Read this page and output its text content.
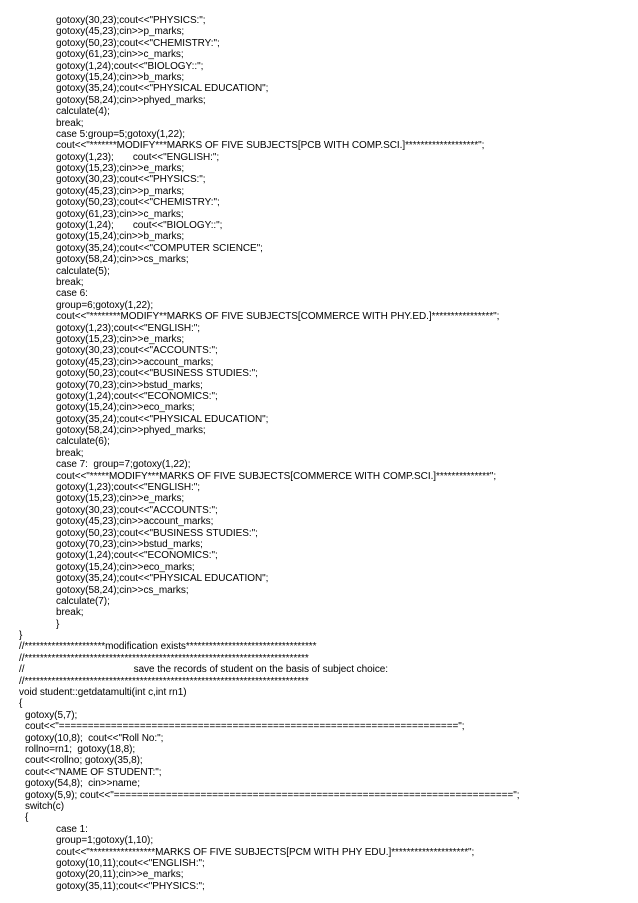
gotoxy(30,23);cout<<"PHYSICS:";
gotoxy(45,23);cin>>p_marks;
gotoxy(50,23);cout<<"CHEMISTRY:";
gotoxy(61,23);cin>>c_marks;
gotoxy(1,24);cout<<"BIOLOGY::";
gotoxy(15,24);cin>>b_marks;
gotoxy(35,24);cout<<"PHYSICAL EDUCATION";
gotoxy(58,24);cin>>phyed_marks;
calculate(4);
break;
case 5:group=5;gotoxy(1,22);
cout<<"*******MODIFY***MARKS OF FIVE SUBJECTS[PCB WITH COMP.SCI.]*******************";
gotoxy(1,23);       cout<<"ENGLISH:";
gotoxy(15,23);cin>>e_marks;
gotoxy(30,23);cout<<"PHYSICS:";
gotoxy(45,23);cin>>p_marks;
gotoxy(50,23);cout<<"CHEMISTRY:";
gotoxy(61,23);cin>>c_marks;
gotoxy(1,24);       cout<<"BIOLOGY::";
gotoxy(15,24);cin>>b_marks;
gotoxy(35,24);cout<<"COMPUTER SCIENCE";
gotoxy(58,24);cin>>cs_marks;
calculate(5);
break;
case 6:
group=6;gotoxy(1,22);
cout<<"********MODIFY**MARKS OF FIVE SUBJECTS[COMMERCE WITH PHY.ED.]****************";
gotoxy(1,23);cout<<"ENGLISH:";
gotoxy(15,23);cin>>e_marks;
gotoxy(30,23);cout<<"ACCOUNTS:";
gotoxy(45,23);cin>>account_marks;
gotoxy(50,23);cout<<"BUSINESS STUDIES:";
gotoxy(70,23);cin>>bstud_marks;
gotoxy(1,24);cout<<"ECONOMICS:";
gotoxy(15,24);cin>>eco_marks;
gotoxy(35,24);cout<<"PHYSICAL EDUCATION";
gotoxy(58,24);cin>>phyed_marks;
calculate(6);
break;
case 7:  group=7;gotoxy(1,22);
cout<<"*****MODIFY***MARKS OF FIVE SUBJECTS[COMMERCE WITH COMP.SCI.]**************";
gotoxy(1,23);cout<<"ENGLISH:";
gotoxy(15,23);cin>>e_marks;
gotoxy(30,23);cout<<"ACCOUNTS:";
gotoxy(45,23);cin>>account_marks;
gotoxy(50,23);cout<<"BUSINESS STUDIES:";
gotoxy(70,23);cin>>bstud_marks;
gotoxy(1,24);cout<<"ECONOMICS:";
gotoxy(15,24);cin>>eco_marks;
gotoxy(35,24);cout<<"PHYSICAL EDUCATION";
gotoxy(58,24);cin>>cs_marks;
calculate(7);
break;
}
}
//*********************modification exists**********************************
//**************************************************************************
//                                        save the records of student on the basis of subject choice:
//**************************************************************************
void student::getdatamulti(int c,int rn1)
{
gotoxy(5,7);
cout<<"=====================================================================";
gotoxy(10,8);  cout<<"Roll No:";
rollno=rn1;  gotoxy(18,8);
cout<<rollno; gotoxy(35,8);
cout<<"NAME OF STUDENT:";
gotoxy(54,8);  cin>>name;
gotoxy(5,9); cout<<"=====================================================================";
switch(c)
{
case 1:
group=1;gotoxy(1,10);
cout<<"*****************MARKS OF FIVE SUBJECTS[PCM WITH PHY EDU.]********************";
gotoxy(10,11);cout<<"ENGLISH:";
gotoxy(20,11);cin>>e_marks;
gotoxy(35,11);cout<<"PHYSICS:";
